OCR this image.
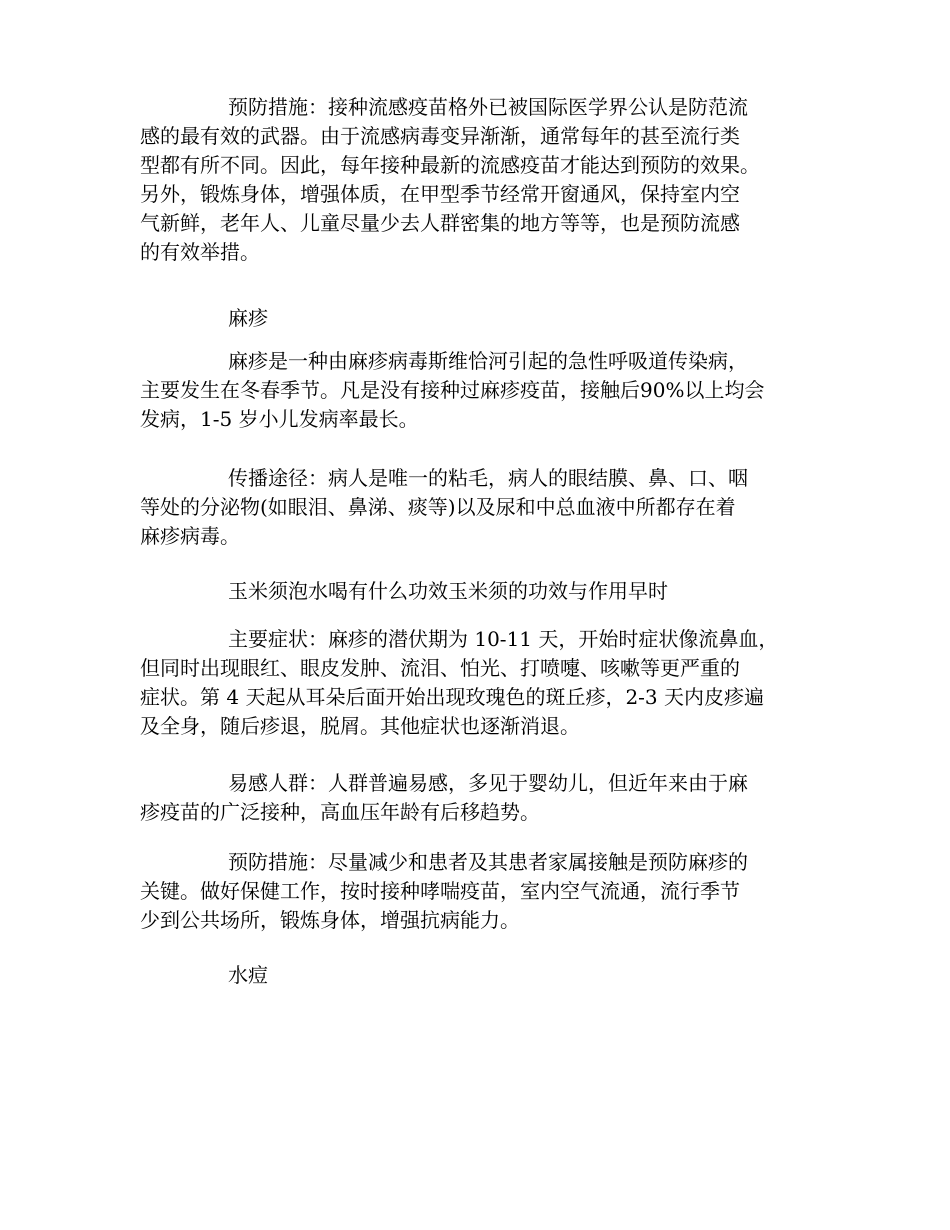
预防措施：接种流感疫苗格外已被国际医学界公认是防范流
感的最有效的武器。由于流感病毒变异渐渐，通常每年的甚至流行类
型都有所不同。因此，每年接种最新的流感疫苗才能达到预防的效果。
另外，锻炼身体，增强体质，在甲型季节经常开窗通风，保持室内空
气新鲜，老年人、儿童尽量少去人群密集的地方等等，也是预防流感
的有效举措。
麻疹
麻疹是一种由麻疹病毒斯维恰河引起的急性呼吸道传染病，
主要发生在冬春季节。凡是没有接种过麻疹疫苗，接触后90%以上均会
发病，1-5 岁小儿发病率最长。
传播途径：病人是唯一的粘毛，病人的眼结膜、鼻、口、咽
等处的分泌物(如眼泪、鼻涕、痰等)以及尿和中总血液中所都存在着
麻疹病毒。
玉米须泡水喝有什么功效玉米须的功效与作用早时
主要症状：麻疹的潜伏期为 10-11 天，开始时症状像流鼻血，
但同时出现眼红、眼皮发肿、流泪、怕光、打喷嚏、咳嗽等更严重的
症状。第 4 天起从耳朵后面开始出现玫瑰色的斑丘疹，2-3 天内皮疹遍
及全身，随后疹退，脱屑。其他症状也逐渐消退。
易感人群：人群普遍易感，多见于婴幼儿，但近年来由于麻
疹疫苗的广泛接种，高血压年龄有后移趋势。
预防措施：尽量减少和患者及其患者家属接触是预防麻疹的
关键。做好保健工作，按时接种哮喘疫苗，室内空气流通，流行季节
少到公共场所，锻炼身体，增强抗病能力。
水痘
